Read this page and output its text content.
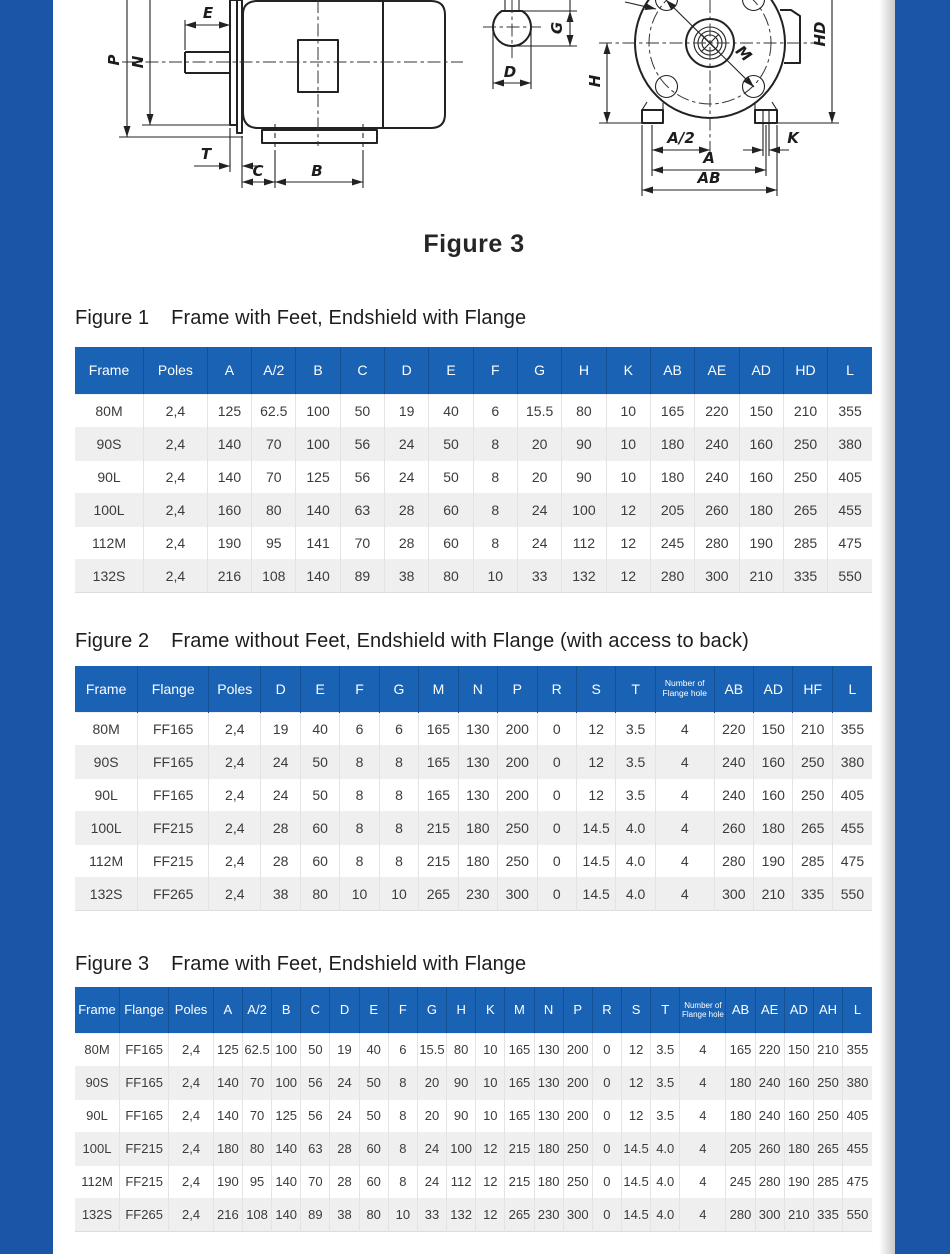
P N
E
T
C	B
D
G
M
H
HD
A/2	K
A
AB
Figure 3
Figure 1 Frame with Feet, Endshield with Flange
Frame	Poles	A	A/2	B	C	D	E	F	G	H	K	AB	AE	AD	HD	L
80M	2,4	125	62.5	100	50	19	40	6	15.5	80	10	165	220	150	210	355
90S	2,4	140	70	100	56	24	50	8	20	90	10	180	240	160	250	380
90L	2,4	140	70	125	56	24	50	8	20	90	10	180	240	160	250	405
100L	2,4	160	80	140	63	28	60	8	24	100	12	205	260	180	265	455
112M	2,4	190	95	141	70	28	60	8	24	112	12	245	280	190	285	475
132S	2,4	216	108	140	89	38	80	10	33	132	12	280	300	210	335	550
Figure 2 Frame without Feet, Endshield with Flange (with access to back)
Frame	Flange	Poles	D	E	F	G	M	N	P	R	S	T	Number of Flange hole	AB	AD	HF	L
80M	FF165	2,4	19	40	6	6	165	130	200	0	12	3.5	4	220	150	210	355
90S	FF165	2,4	24	50	8	8	165	130	200	0	12	3.5	4	240	160	250	380
90L	FF165	2,4	24	50	8	8	165	130	200	0	12	3.5	4	240	160	250	405
100L	FF215	2,4	28	60	8	8	215	180	250	0	14.5	4.0	4	260	180	265	455
112M	FF215	2,4	28	60	8	8	215	180	250	0	14.5	4.0	4	280	190	285	475
132S	FF265	2,4	38	80	10	10	265	230	300	0	14.5	4.0	4	300	210	335	550
Figure 3 Frame with Feet, Endshield with Flange
Frame	Flange	Poles	A	A/2	B	C	D	E	F	G	H	K	M	N	P	R	S	T	Number of Flange hole	AB	AE	AD	AH	L
80M	FF165	2,4	125	62.5	100	50	19	40	6	15.5	80	10	165	130	200	0	12	3.5	4	165	220	150	210	355
90S	FF165	2,4	140	70	100	56	24	50	8	20	90	10	165	130	200	0	12	3.5	4	180	240	160	250	380
90L	FF165	2,4	140	70	125	56	24	50	8	20	90	10	165	130	200	0	12	3.5	4	180	240	160	250	405
100L	FF215	2,4	180	80	140	63	28	60	8	24	100	12	215	180	250	0	14.5	4.0	4	205	260	180	265	455
112M	FF215	2,4	190	95	140	70	28	60	8	24	112	12	215	180	250	0	14.5	4.0	4	245	280	190	285	475
132S	FF265	2,4	216	108	140	89	38	80	10	33	132	12	265	230	300	0	14.5	4.0	4	280	300	210	335	550
